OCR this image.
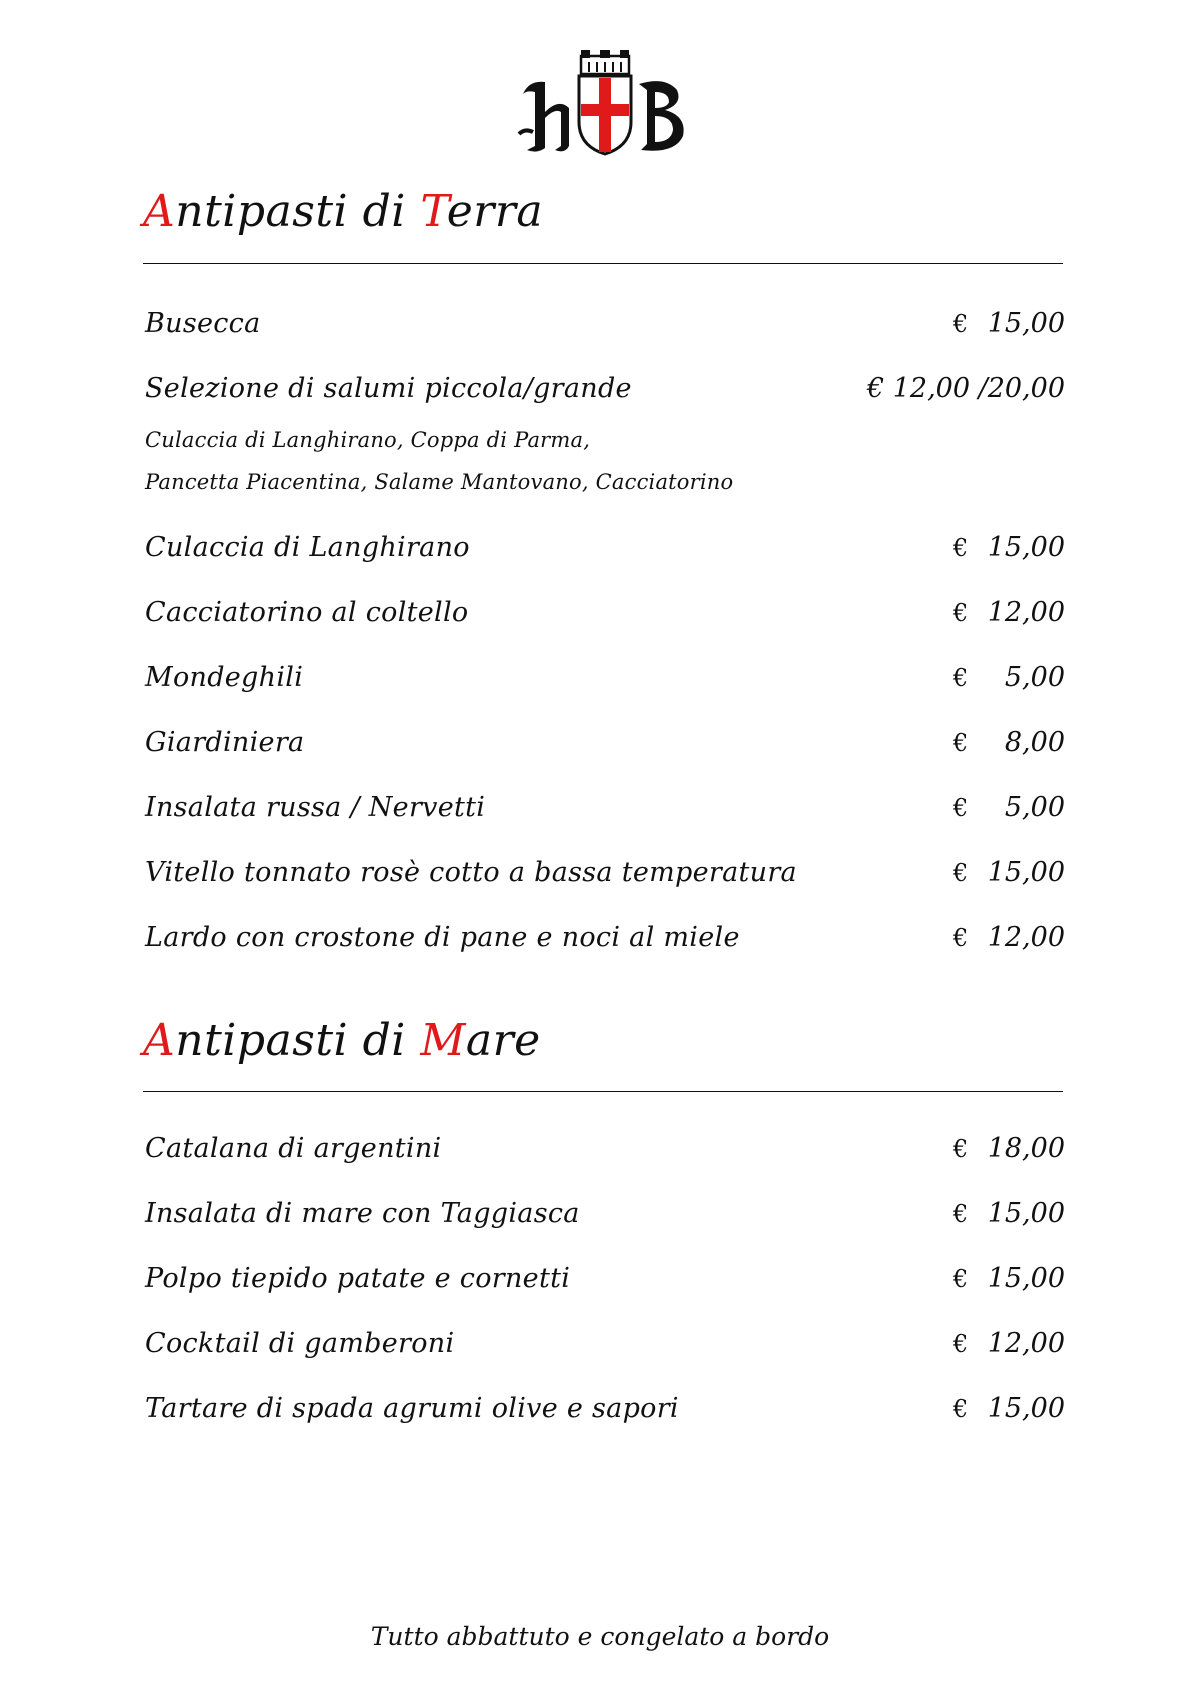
Antipasti di Terra
Busecca	€ 15,00
Selezione di salumi piccola/grande	€ 12,00 /20,00
Culaccia di Langhirano, Coppa di Parma,
Pancetta Piacentina, Salame Mantovano, Cacciatorino
Culaccia di Langhirano	€ 15,00
Cacciatorino al coltello	€ 12,00
Mondeghili	€ 5,00
Giardiniera	€ 8,00
Insalata russa / Nervetti	€ 5,00
Vitello tonnato rosè cotto a bassa temperatura	€ 15,00
Lardo con crostone di pane e noci al miele	€ 12,00
Antipasti di Mare
Catalana di argentini	€ 18,00
Insalata di mare con Taggiasca	€ 15,00
Polpo tiepido patate e cornetti	€ 15,00
Cocktail di gamberoni	€ 12,00
Tartare di spada agrumi olive e sapori	€ 15,00
Tutto abbattuto e congelato a bordo
